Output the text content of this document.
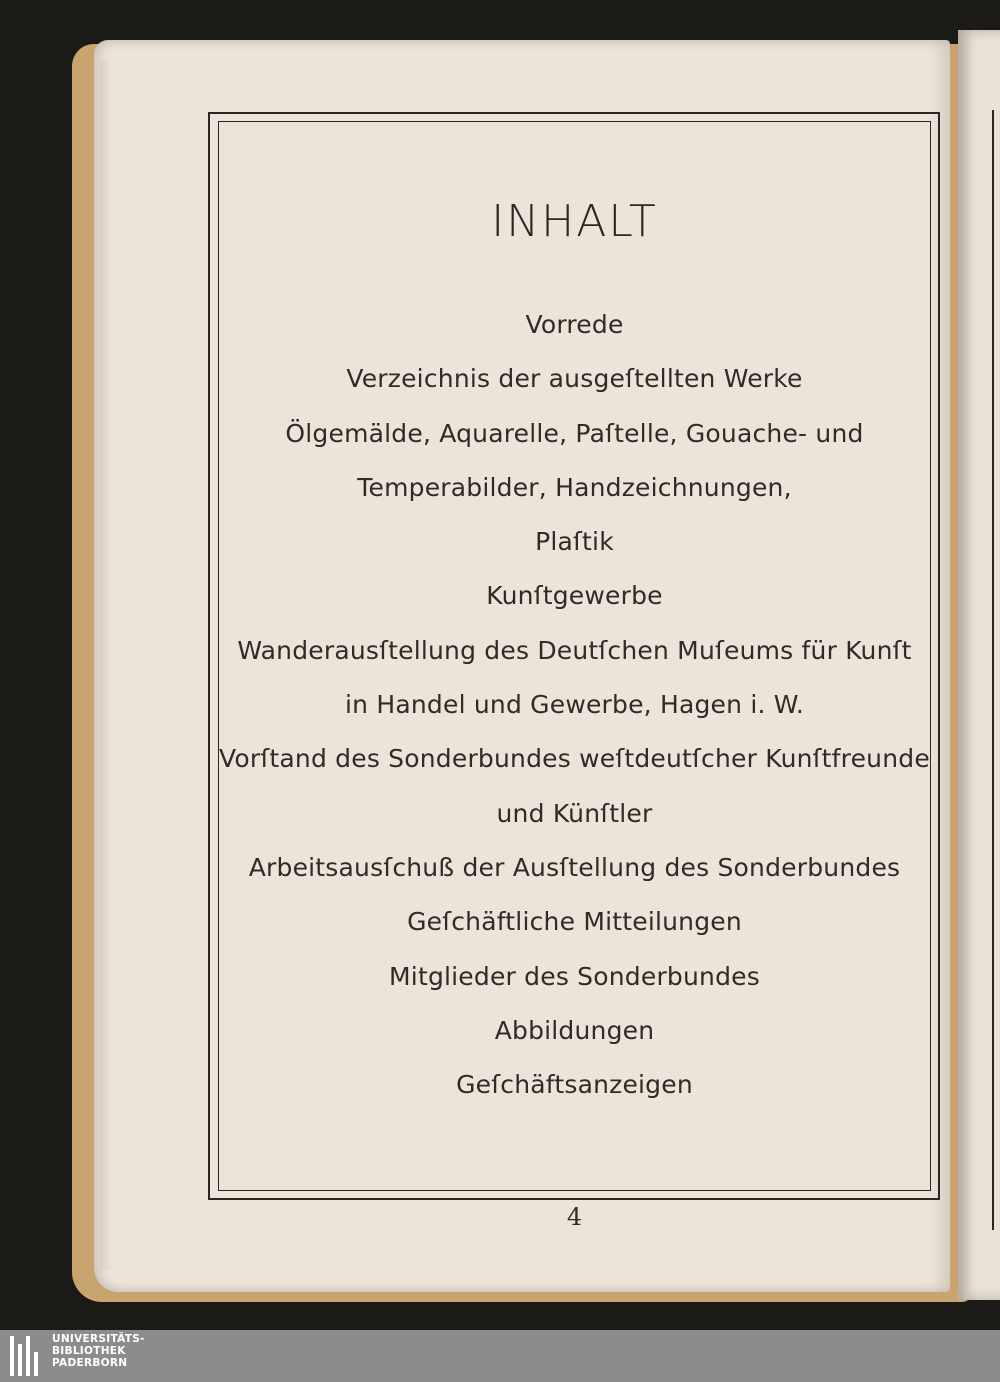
INHALT
Vorrede
Verzeichnis der ausgeſtellten Werke
Ölgemälde, Aquarelle, Paſtelle, Gouache- und
Temperabilder, Handzeichnungen,
Plaſtik
Kunſtgewerbe
Wanderausſtellung des Deutſchen Muſeums für Kunſt
in Handel und Gewerbe, Hagen i. W.
Vorſtand des Sonderbundes weſtdeutſcher Kunſtfreunde
und Künſtler
Arbeitsausſchuß der Ausſtellung des Sonderbundes
Geſchäftliche Mitteilungen
Mitglieder des Sonderbundes
Abbildungen
Geſchäftsanzeigen
4
UNIVERSITÄTS-
BIBLIOTHEK
PADERBORN
